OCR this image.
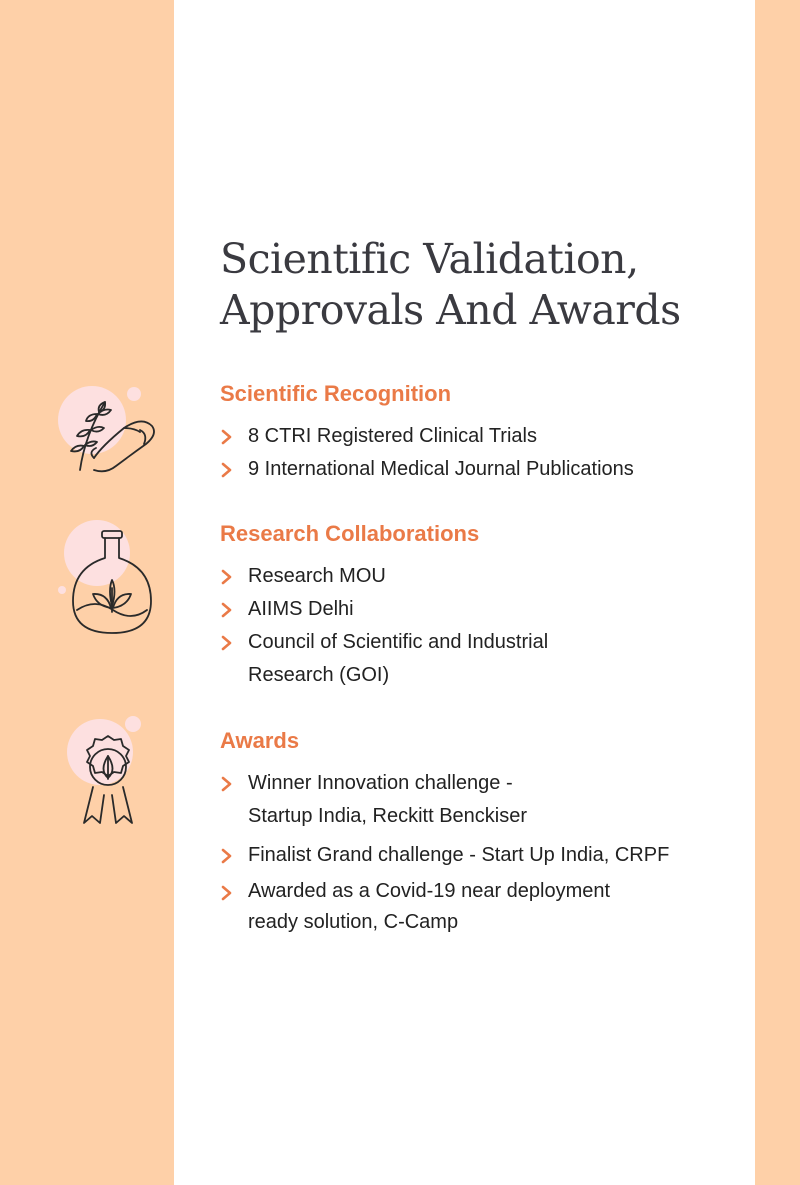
Scientific Validation,
Approvals And Awards
Scientific Recognition
8 CTRI Registered Clinical Trials
9 International Medical Journal Publications
Research Collaborations
Research MOU
AIIMS Delhi
Council of Scientific and Industrial
Research (GOI)
Awards
Winner Innovation challenge -
Startup India, Reckitt Benckiser
Finalist Grand challenge - Start Up India, CRPF
Awarded as a Covid-19 near deployment
ready solution, C-Camp
